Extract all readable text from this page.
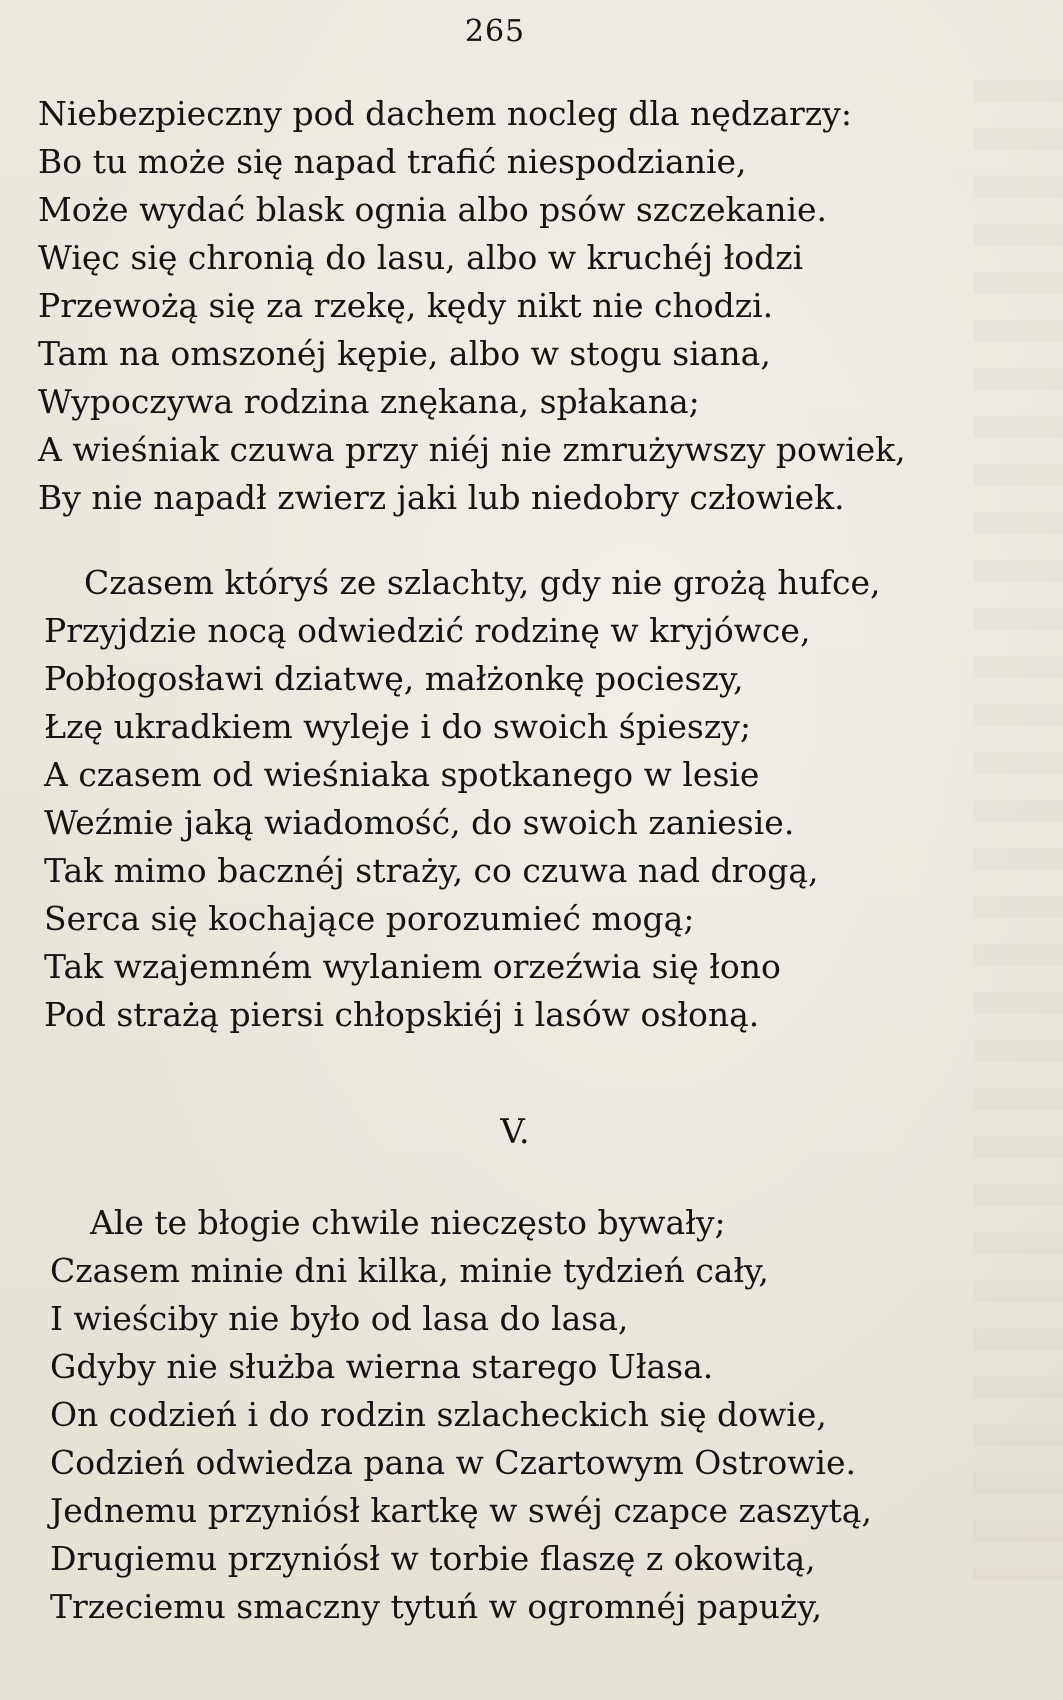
265
Niebezpieczny pod dachem nocleg dla nędzarzy:
Bo tu może się napad trafić niespodzianie,
Może wydać blask ognia albo psów szczekanie.
Więc się chronią do lasu, albo w kruchéj łodzi
Przewożą się za rzekę, kędy nikt nie chodzi.
Tam na omszonéj kępie, albo w stogu siana,
Wypoczywa rodzina znękana, spłakana;
A wieśniak czuwa przy niéj nie zmrużywszy powiek,
By nie napadł zwierz jaki lub niedobry człowiek.
Czasem któryś ze szlachty, gdy nie grożą hufce,
Przyjdzie nocą odwiedzić rodzinę w kryjówce,
Pobłogosławi dziatwę, małżonkę pocieszy,
Łzę ukradkiem wyleje i do swoich śpieszy;
A czasem od wieśniaka spotkanego w lesie
Weźmie jaką wiadomość, do swoich zaniesie.
Tak mimo bacznéj straży, co czuwa nad drogą,
Serca się kochające porozumieć mogą;
Tak wzajemném wylaniem orzeźwia się łono
Pod strażą piersi chłopskiéj i lasów osłoną.
V.
Ale te błogie chwile nieczęsto bywały;
Czasem minie dni kilka, minie tydzień cały,
I wieściby nie było od lasa do lasa,
Gdyby nie służba wierna starego Ułasa.
On codzień i do rodzin szlacheckich się dowie,
Codzień odwiedza pana w Czartowym Ostrowie.
Jednemu przyniósł kartkę w swéj czapce zaszytą,
Drugiemu przyniósł w torbie flaszę z okowitą,
Trzeciemu smaczny tytuń w ogromnéj papuży,
